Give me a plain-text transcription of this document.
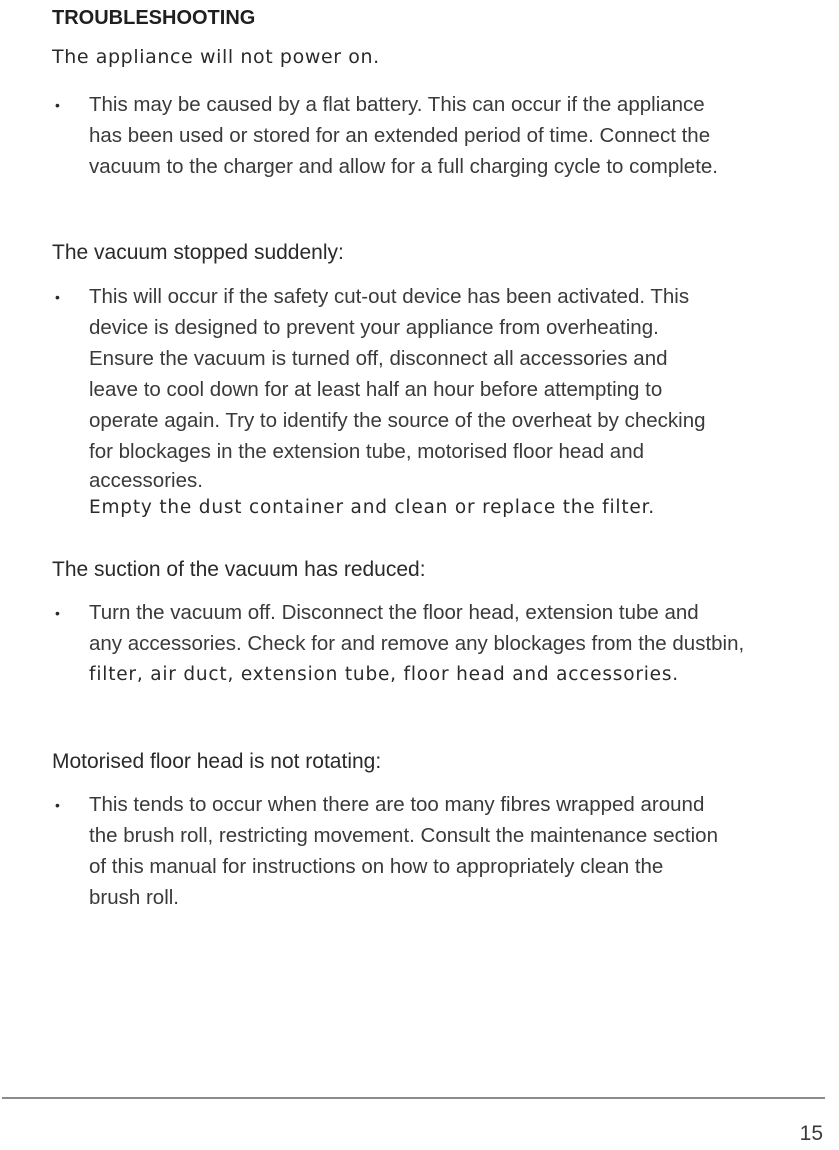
TROUBLESHOOTING
The appliance will not power on.
• This may be caused by a flat battery. This can occur if the appliance
has been used or stored for an extended period of time. Connect the
vacuum to the charger and allow for a full charging cycle to complete.
The vacuum stopped suddenly:
• This will occur if the safety cut-out device has been activated. This
device is designed to prevent your appliance from overheating.
Ensure the vacuum is turned off, disconnect all accessories and
leave to cool down for at least half an hour before attempting to
operate again. Try to identify the source of the overheat by checking
for blockages in the extension tube, motorised floor head and
accessories.
Empty the dust container and clean or replace the filter.
The suction of the vacuum has reduced:
• Turn the vacuum off. Disconnect the floor head, extension tube and
any accessories. Check for and remove any blockages from the dustbin,
filter, air duct, extension tube, floor head and accessories.
Motorised floor head is not rotating:
• This tends to occur when there are too many fibres wrapped around
the brush roll, restricting movement. Consult the maintenance section
of this manual for instructions on how to appropriately clean the
brush roll.
15
